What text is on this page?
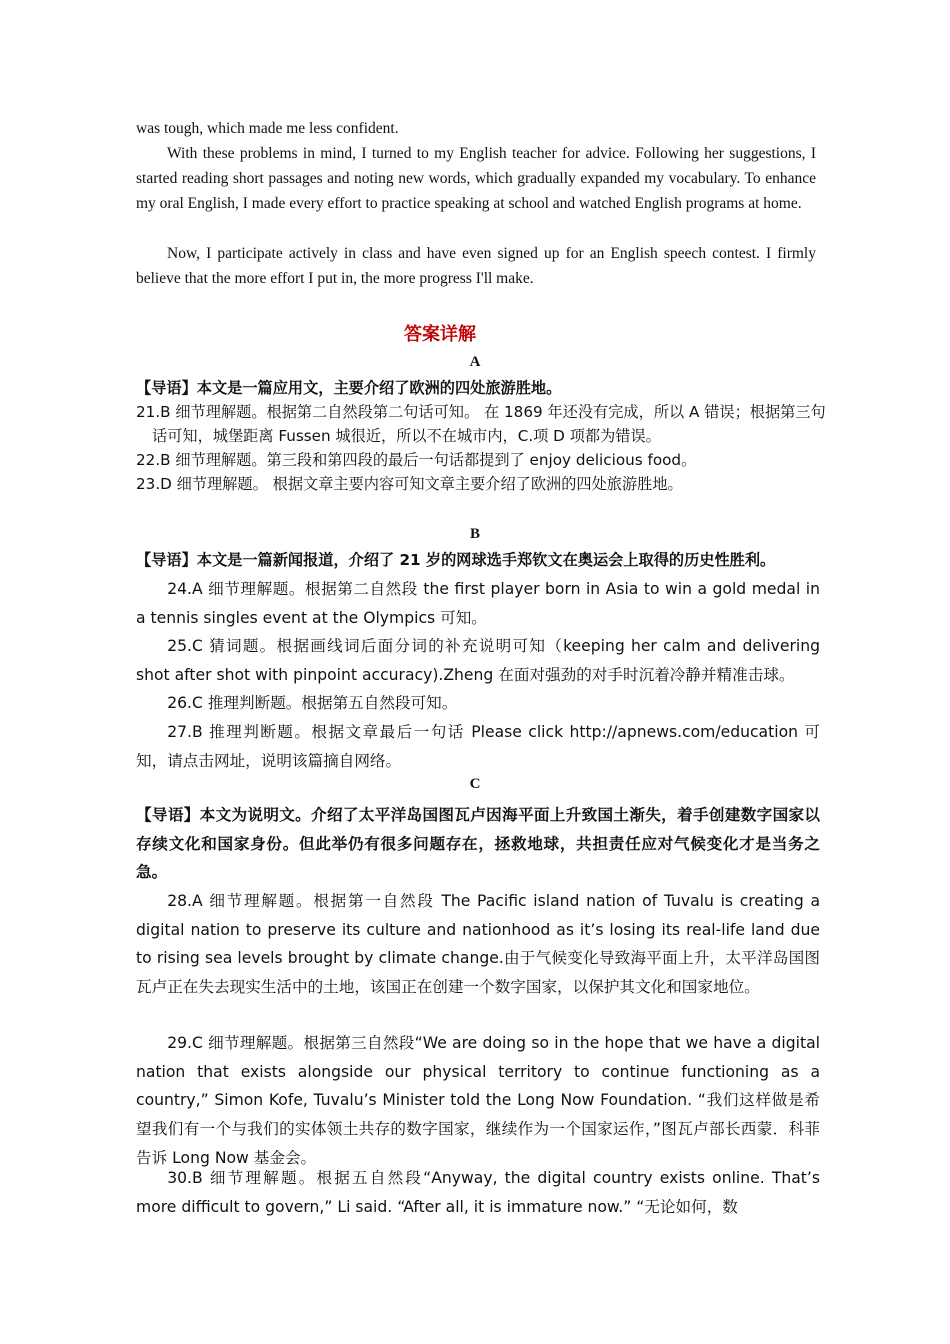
was tough, which made me less confident.

With these problems in mind, I turned to my English teacher for advice. Following her suggestions, I started reading short passages and noting new words, which gradually expanded my vocabulary. To enhance my oral English, I made every effort to practice speaking at school and watched English programs at home.

Now, I participate actively in class and have even signed up for an English speech contest. I firmly believe that the more effort I put in, the more progress I'll make.

答案详解
A

【导语】本文是一篇应用文，主要介绍了欧洲的四处旅游胜地。

21.B 细节理解题。根据第二自然段第二句话可知。 在 1869 年还没有完成，所以 A 错误；根据第三句话可知，城堡距离 Fussen 城很近，所以不在城市内，C.项 D 项都为错误。

22.B 细节理解题。第三段和第四段的最后一句话都提到了 enjoy delicious food。

23.D 细节理解题。 根据文章主要内容可知文章主要介绍了欧洲的四处旅游胜地。

B

【导语】本文是一篇新闻报道，介绍了 21 岁的网球选手郑钦文在奥运会上取得的历史性胜利。

24.A 细节理解题。根据第二自然段 the first player born in Asia to win a gold medal in a tennis singles event at the Olympics 可知。

25.C 猜词题。根据画线词后面分词的补充说明可知（keeping her calm and delivering shot after shot with pinpoint accuracy).Zheng 在面对强劲的对手时沉着冷静并精准击球。

26.C 推理判断题。根据第五自然段可知。

27.B 推理判断题。根据文章最后一句话 Please click http://apnews.com/education 可知，请点击网址，说明该篇摘自网络。

C

【导语】本文为说明文。介绍了太平洋岛国图瓦卢因海平面上升致国土渐失，着手创建数字国家以存续文化和国家身份。但此举仍有很多问题存在，拯救地球，共担责任应对气候变化才是当务之急。

28.A 细节理解题。根据第一自然段 The Pacific island nation of Tuvalu is creating a digital nation to preserve its culture and nationhood as it’s losing its real-life land due to rising sea levels brought by climate change.由于气候变化导致海平面上升，太平洋岛国图瓦卢正在失去现实生活中的土地，该国正在创建一个数字国家，以保护其文化和国家地位。

29.C 细节理解题。根据第三自然段“We are doing so in the hope that we have a digital nation that exists alongside our physical territory to continue functioning as a country,” Simon Kofe, Tuvalu’s Minister told the Long Now Foundation. “我们这样做是希望我们有一个与我们的实体领土共存的数字国家，继续作为一个国家运作，”图瓦卢部长西蒙．科菲告诉 Long Now 基金会。

30.B 细节理解题。根据五自然段“Anyway, the digital country exists online. That’s more difficult to govern,” Li said. “After all, it is immature now.” “无论如何，数
